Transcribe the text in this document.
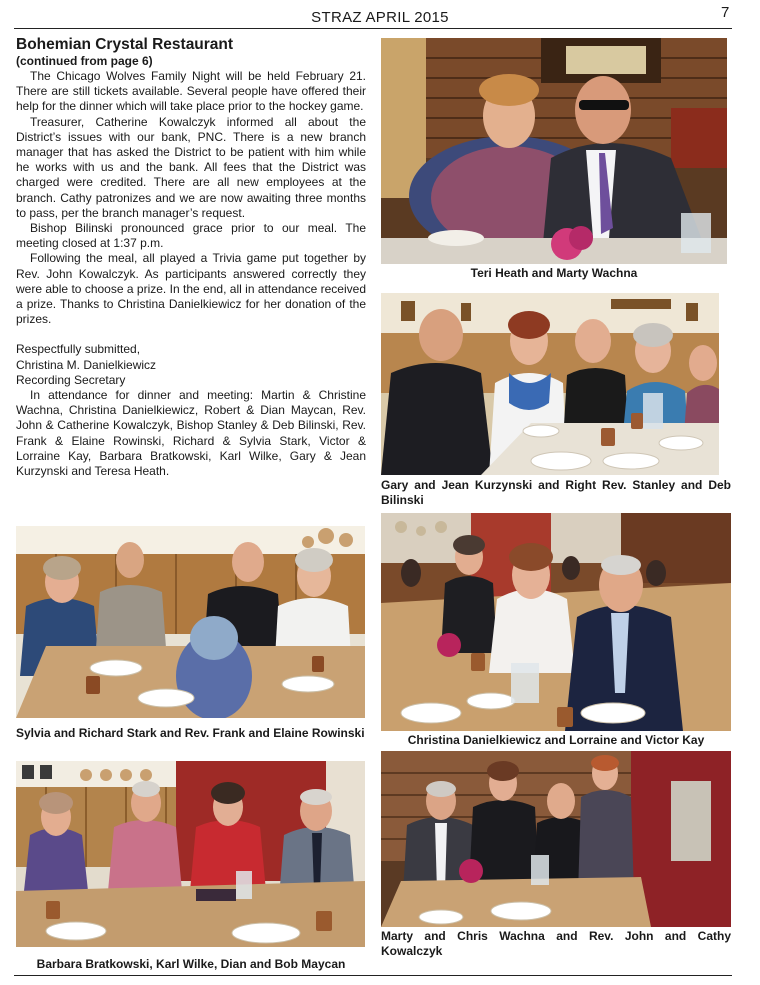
STRAZ APRIL 2015	7
Bohemian Crystal Restaurant
(continued from page 6)

The Chicago Wolves Family Night will be held February 21. There are still tickets available. Several people have offered their help for the dinner which will take place prior to the hockey game.

Treasurer, Catherine Kowalczyk informed all about the District’s issues with our bank, PNC. There is a new branch manager that has asked the District to be patient with him while he works with us and the bank. All fees that the District was charged were credited. There are all new employees at the branch. Cathy patronizes and we are now awaiting three months to pass, per the branch manager’s request.

Bishop Bilinski pronounced grace prior to our meal. The meeting closed at 1:37 p.m.

Following the meal, all played a Trivia game put together by Rev. John Kowalczyk. As participants answered correctly they were able to choose a prize. In the end, all in attendance received a prize. Thanks to Christina Danielkiewicz for her donation of the prizes.

Respectfully submitted,

Christina M. Danielkiewicz

Recording Secretary

In attendance for dinner and meeting: Martin & Christine Wachna, Christina Danielkiewicz, Robert & Dian Maycan, Rev. John & Catherine Kowalczyk, Bishop Stanley & Deb Bilinski, Rev. Frank & Elaine Rowinski, Richard & Sylvia Stark, Victor & Lorraine Kay, Barbara Bratkowski, Karl Wilke, Gary & Jean Kurzynski and Teresa Heath.

Teri Heath and Marty Wachna
Gary and Jean Kurzynski and Right Rev. Stanley and Deb Bilinski
Sylvia and Richard Stark and Rev. Frank and Elaine Rowinski	Christina Danielkiewicz and Lorraine and Victor Kay
Barbara Bratkowski, Karl Wilke, Dian and Bob Maycan
Marty and Chris Wachna and Rev. John and Cathy Kowalczyk
